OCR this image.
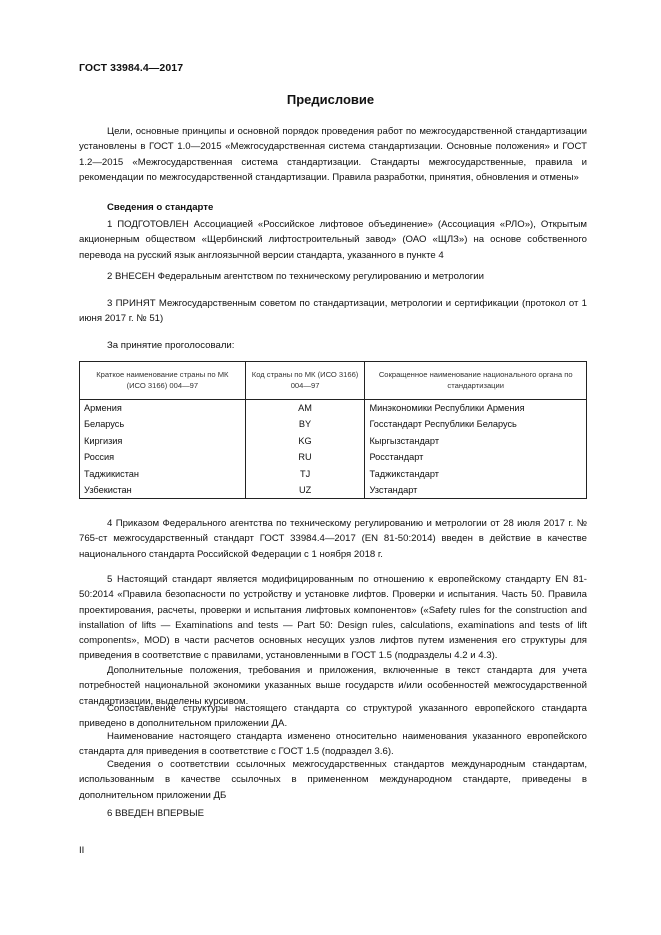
ГОСТ 33984.4—2017
Предисловие
Цели, основные принципы и основной порядок проведения работ по межгосударственной стандартизации установлены в ГОСТ 1.0—2015 «Межгосударственная система стандартизации. Основные положения» и ГОСТ 1.2—2015 «Межгосударственная система стандартизации. Стандарты межгосударственные, правила и рекомендации по межгосударственной стандартизации. Правила разработки, принятия, обновления и отмены»
Сведения о стандарте
1 ПОДГОТОВЛЕН Ассоциацией «Российское лифтовое объединение» (Ассоциация «РЛО»), Открытым акционерным обществом «Щербинский лифтостроительный завод» (ОАО «ЩЛЗ») на основе собственного перевода на русский язык англоязычной версии стандарта, указанного в пункте 4
2 ВНЕСЕН Федеральным агентством по техническому регулированию и метрологии
3 ПРИНЯТ Межгосударственным советом по стандартизации, метрологии и сертификации (протокол от 1 июня 2017 г. № 51)
За принятие проголосовали:
Краткое наименование страны по МК (ИСО 3166) 004—97	Код страны по МК (ИСО 3166) 004—97	Сокращенное наименование национального органа по стандартизации
Армения	AM	Минэкономики Республики Армения
Беларусь	BY	Госстандарт Республики Беларусь
Киргизия	KG	Кыргызстандарт
Россия	RU	Росстандарт
Таджикистан	TJ	Таджикстандарт
Узбекистан	UZ	Узстандарт
4 Приказом Федерального агентства по техническому регулированию и метрологии от 28 июля 2017 г. № 765-ст межгосударственный стандарт ГОСТ 33984.4—2017 (EN 81-50:2014) введен в действие в качестве национального стандарта Российской Федерации с 1 ноября 2018 г.
5 Настоящий стандарт является модифицированным по отношению к европейскому стандарту EN 81-50:2014 «Правила безопасности по устройству и установке лифтов. Проверки и испытания. Часть 50. Правила проектирования, расчеты, проверки и испытания лифтовых компонентов» («Safety rules for the construction and installation of lifts — Examinations and tests — Part 50: Design rules, calculations, examinations and tests of lift components», MOD) в части расчетов основных несущих узлов лифтов путем изменения его структуры для приведения в соответствие с правилами, установленными в ГОСТ 1.5 (подразделы 4.2 и 4.3).
Дополнительные положения, требования и приложения, включенные в текст стандарта для учета потребностей национальной экономики указанных выше государств и/или особенностей межгосударственной стандартизации, выделены курсивом.
Сопоставление структуры настоящего стандарта со структурой указанного европейского стандарта приведено в дополнительном приложении ДА.
Наименование настоящего стандарта изменено относительно наименования указанного европейского стандарта для приведения в соответствие с ГОСТ 1.5 (подраздел 3.6).
Сведения о соответствии ссылочных межгосударственных стандартов международным стандартам, использованным в качестве ссылочных в примененном международном стандарте, приведены в дополнительном приложении ДБ
6 ВВЕДЕН ВПЕРВЫЕ
II
